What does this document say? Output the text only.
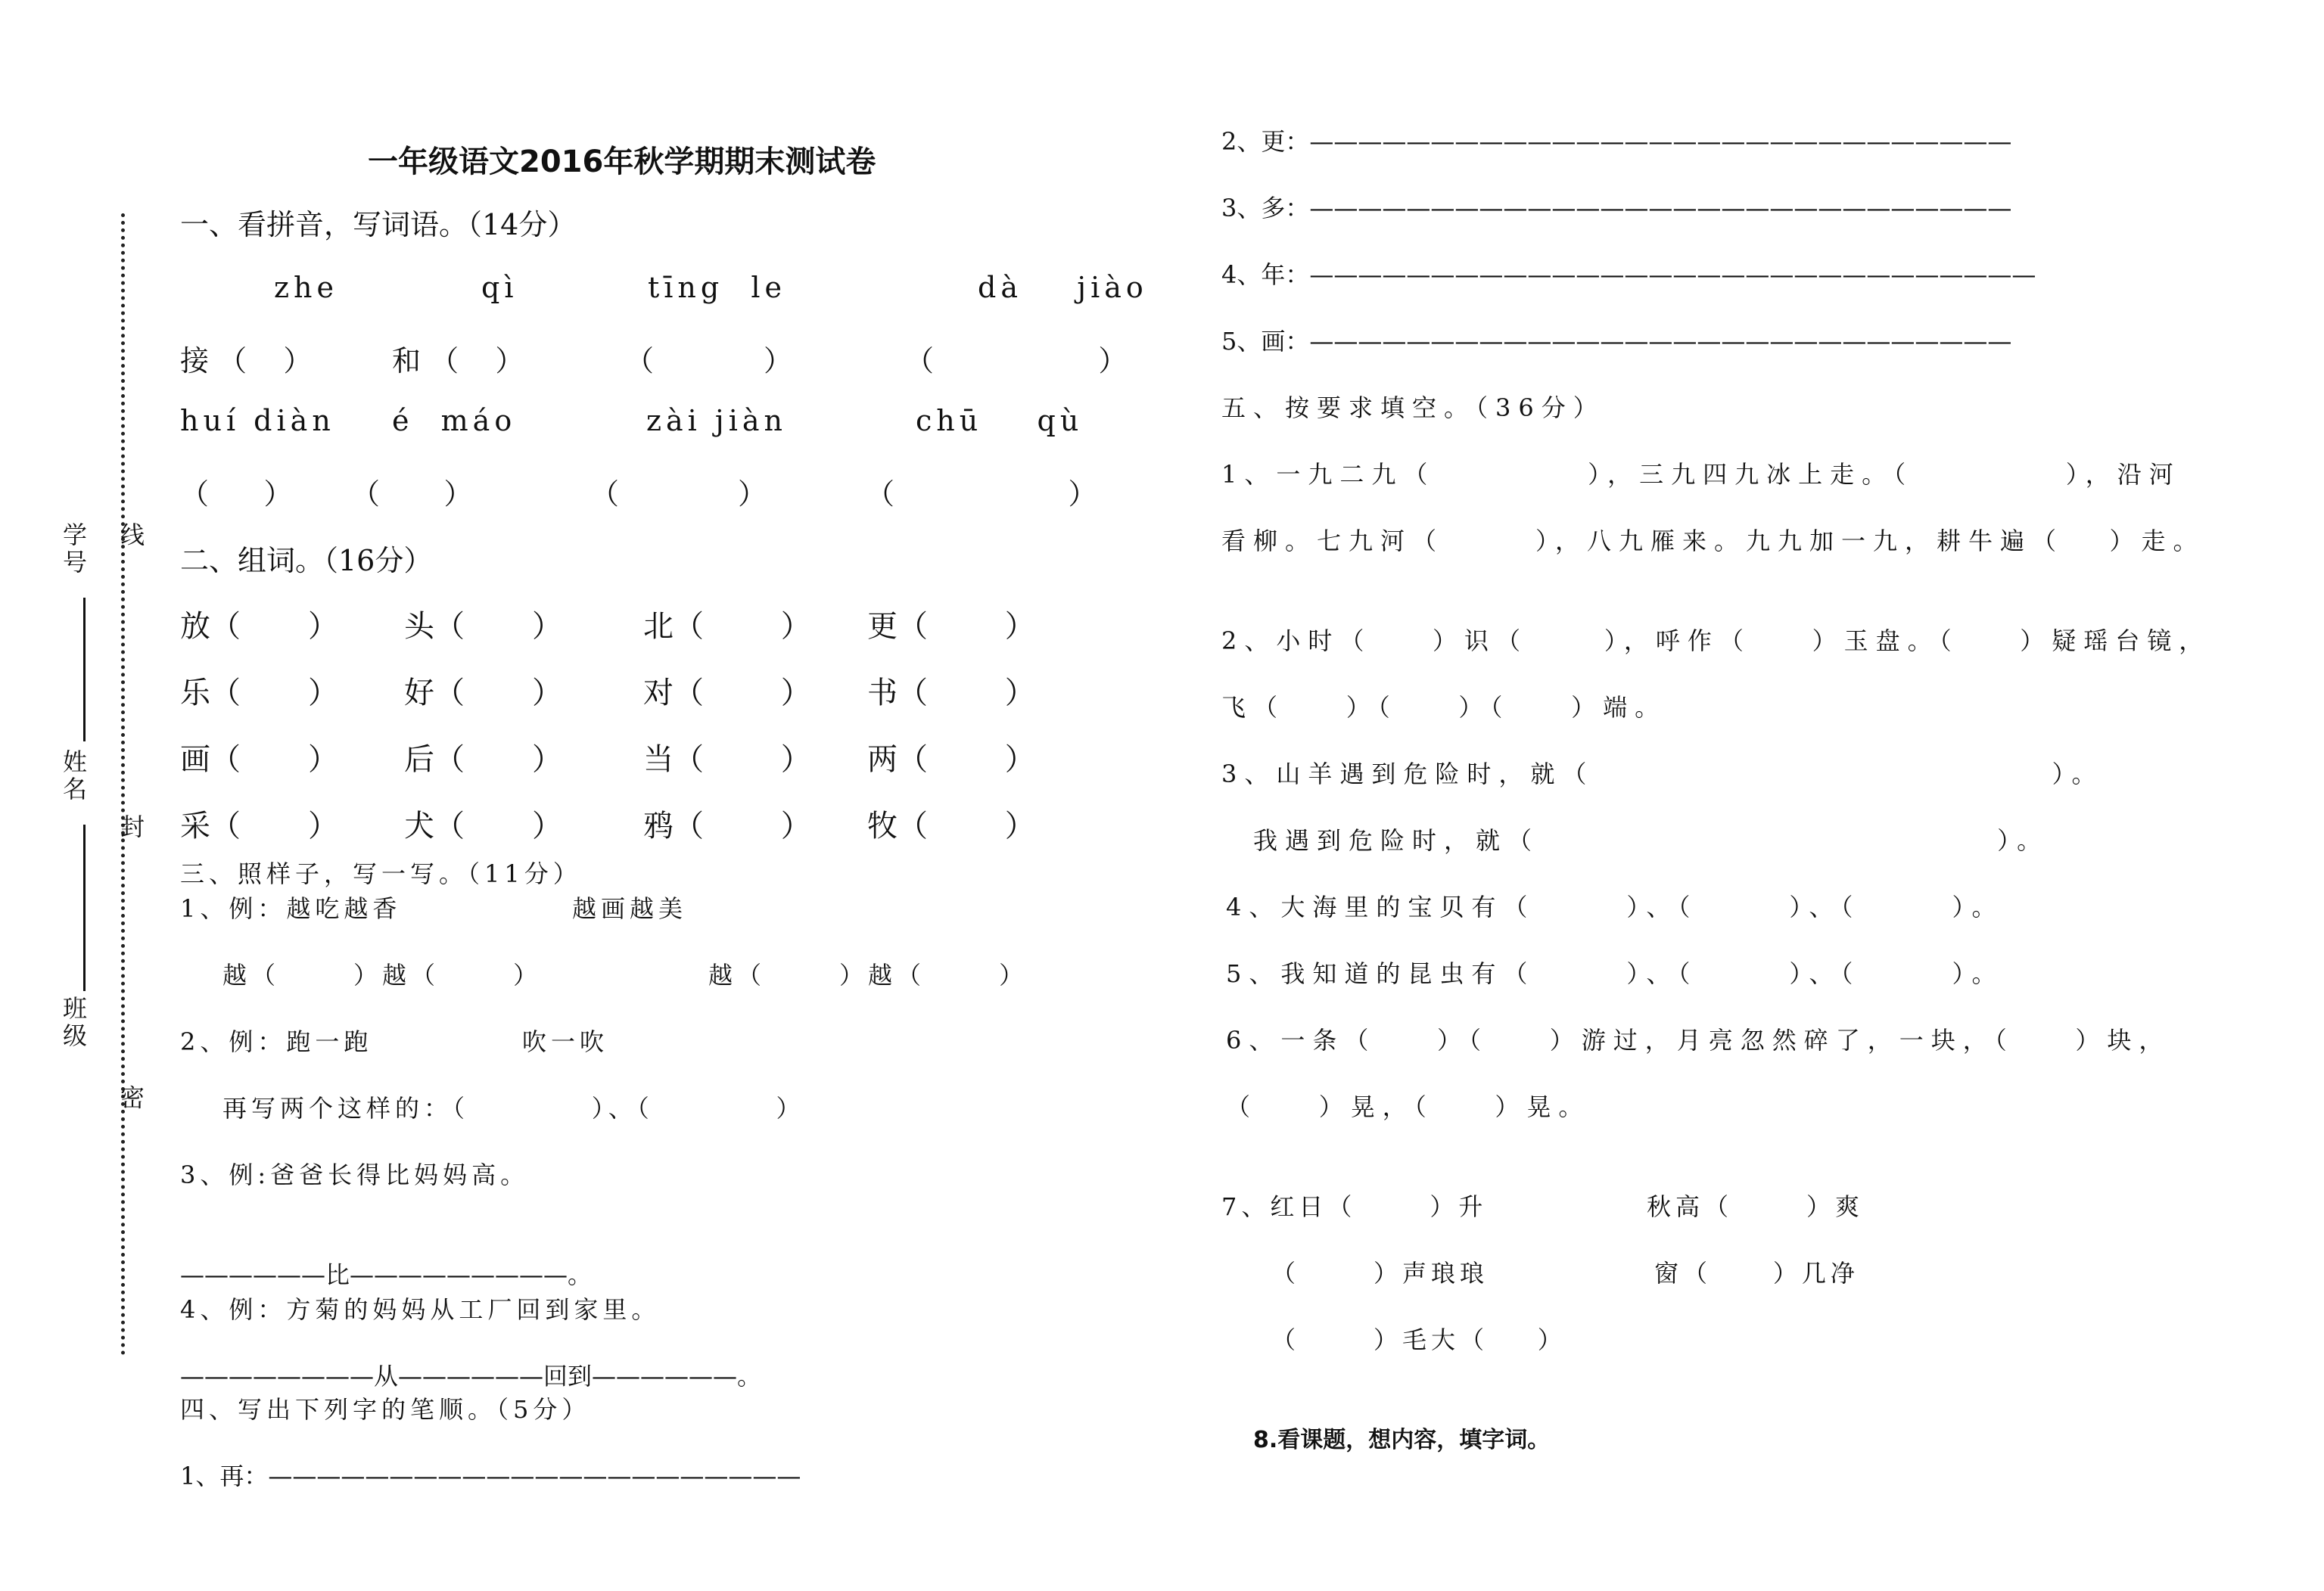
一年级语文2016年秋学期期末测试卷
线
封
密
学号
姓名
班级
一、看拼音，写词语。（14分）
zhe	qì	tīng  le	dà    jiào
接 （    ）	和 （    ）	（            ）	（                  ）
huí diàn é  máo	zài jiàn	chū    qù
（      ） （       ）	（             ）	（                   ）
二、组词。（16分）
放（       ） 头（       ）	北（        ） 更（        ）
乐（       ） 好（       ）	对（        ） 书（        ）
画（       ） 后（       ）	当（        ） 两（        ）
采（       ） 犬（       ）	鸦（        ） 牧（        ）
三、照样子，写一写。（11分）
1、例：越吃越香	越画越美
越（      ）越（      ）	越（      ）越（      ）
2、例：跑一跑	吹一吹
再写两个这样的：（          ）、（          ）
3、例:爸爸长得比妈妈高。
——————比—————————。
4、例：方菊的妈妈从工厂回到家里。
————————从——————回到——————。
四、写出下列字的笔顺。（5分）
1、再：——————————————————————
2、更：—————————————————————————————
3、多：—————————————————————————————
4、年：——————————————————————————————
5、画：—————————————————————————————
五、按要求填空。（36分）
1、一九二九（          ），三九四九冰上走。（          ），沿河
看柳。七九河（      ），八九雁来。九九加一九，耕牛遍（   ）走。
2、小时（    ）识（     ），呼作（    ）玉盘。（    ）疑瑶台镜，
飞（    ）（    ）（    ）端。
3、山羊遇到危险时，就（                              ）。
我遇到危险时，就（                              ）。
4、大海里的宝贝有（      ）、（      ）、（      ）。
5、我知道的昆虫有（      ）、（      ）、（      ）。
6、一条（    ）（    ）游过，月亮忽然碎了，一块，（    ）块，
（    ）晃，（    ）晃。
7、红日（      ）升	秋高（      ）爽
（      ）声琅琅	窗（     ）几净
（      ）毛大（    ）
8.看课题，想内容，填字词。
